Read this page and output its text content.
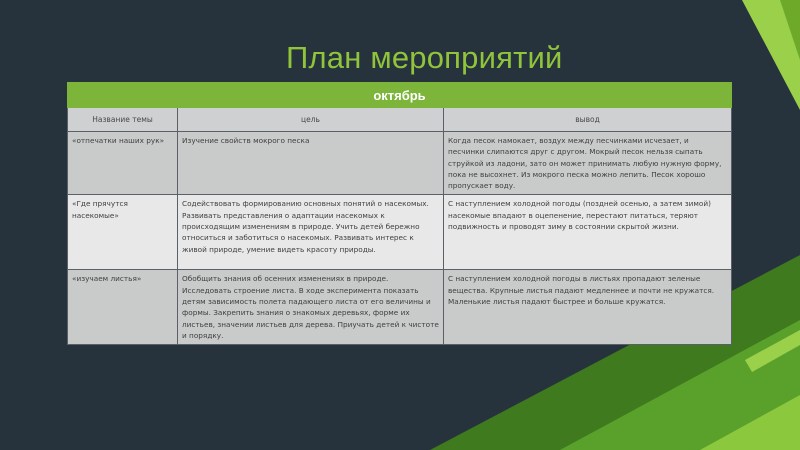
План мероприятий
октябрь		
Название темы	цель	вывод
«отпечатки наших рук»	Изучение свойств мокрого песка	Когда песок намокает, воздух между песчинками исчезает, и песчинки слипаются друг с другом. Мокрый песок нельзя сыпать струйкой из ладони, зато он может принимать любую нужную форму, пока не высохнет. Из мокрого песка можно лепить. Песок хорошо пропускает воду.
«Где прячутся насекомые»	Содействовать формированию основных понятий о насекомых. Развивать представления о адаптации насекомых к происходящим изменениям в природе. Учить детей бережно относиться и заботиться о насекомых. Развивать интерес к живой природе, умение видеть красоту природы.	С наступлением холодной погоды (поздней осенью, а затем зимой) насекомые впадают в оцепенение, перестают питаться, теряют подвижность и проводят зиму в состоянии скрытой жизни.
«изучаем листья»	Обобщить знания об осенних изменениях в природе. Исследовать строение листа. В ходе эксперимента показать детям зависимость полета падающего листа от его величины и формы. Закрепить знания о знакомых деревьях, форме их листьев, значении листьев для дерева. Приучать детей к чистоте и порядку.	С наступлением холодной погоды в листьях пропадают зеленые вещества. Крупные листья падают медленнее и почти не кружатся. Маленькие листья падают быстрее и больше кружатся.
